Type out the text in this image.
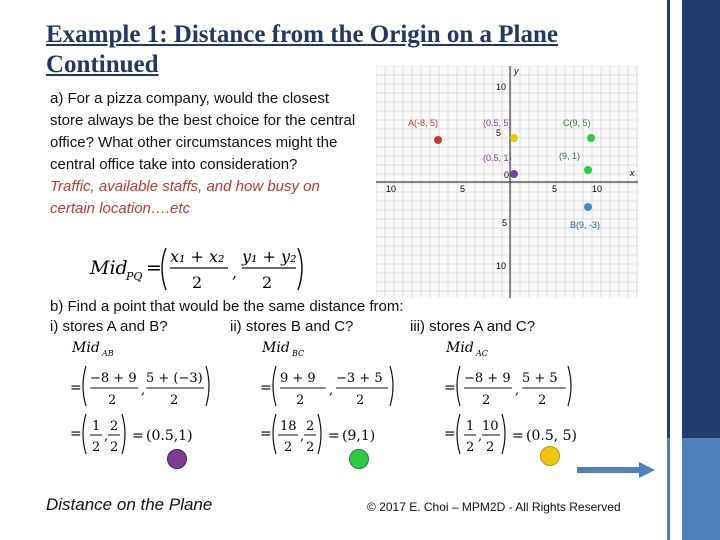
Example 1: Distance from the Origin on a Plane Continued
a) For a pizza company, would the closest store always be the best choice for the central office? What other circumstances might the central office take into consideration?
Traffic, available staffs, and how busy on certain location….etc
Mid
PQ =
x₁ + x₂
2
,
y₁ + y₂
2
x
y
10
5
5
10
10	5
0
5	10
A(-8, 5)	(0.5, 5)	C(9, 5)
(0.5, 1)	(9, 1)
B(9, -3)
b) Find a point that would be the same distance from:
i) stores A and B?	ii) stores B and C?	iii) stores A and C?
Mid AB
=
−8 + 9
2
,
5 + (−3)
2
= 1
2
,
2
2
= (0.5,1)
Mid BC
=
9 + 9
2
,
−3 + 5
2
= 18
2
,
2
2
= (9,1)
Mid AC
=
−8 + 9
2
,
5 + 5
2
= 1
2
,
10
2
= (0.5, 5)
Distance on the Plane	© 2017 E. Choi – MPM2D - All Rights Reserved
